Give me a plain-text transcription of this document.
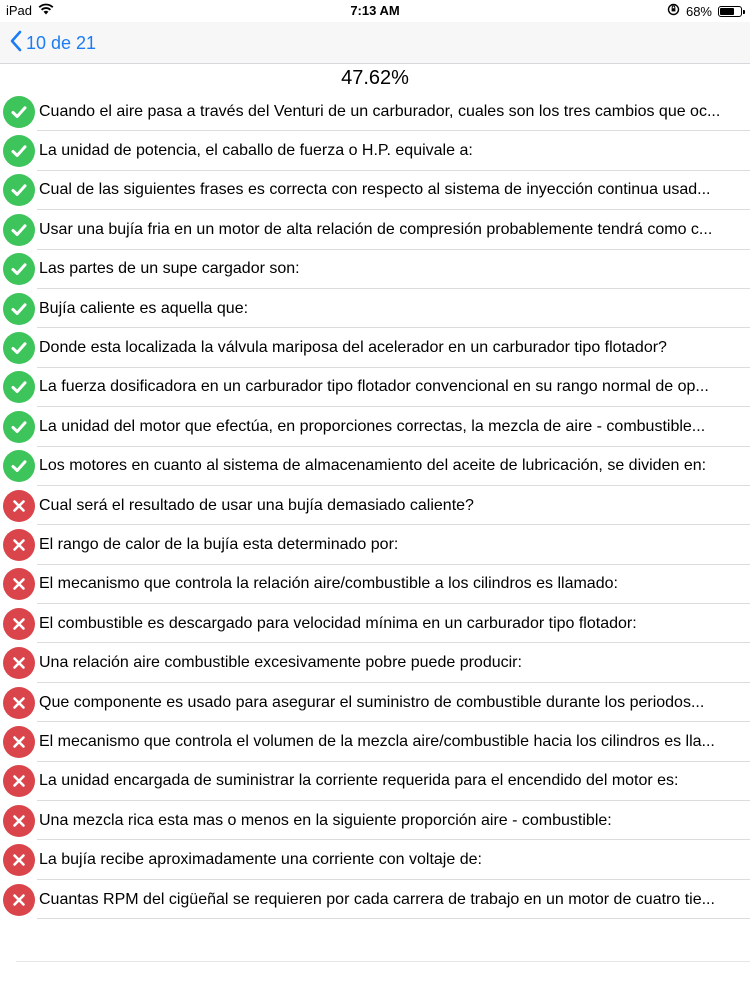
iPad	7:13 AM	68%
10 de 21
47.62%
Cuando el aire pasa a través del Venturi de un carburador, cuales son los tres cambios que oc...
La unidad de potencia, el caballo de fuerza o H.P. equivale a:
Cual de las siguientes frases es correcta con respecto al sistema de inyección continua usad...
Usar una bujía fria en un motor de alta relación de compresión probablemente tendrá como c...
Las partes de un supe cargador son:
Bujía caliente es aquella que:
Donde esta localizada la válvula mariposa del acelerador en un carburador tipo flotador?
La fuerza dosificadora en un carburador tipo flotador convencional en su rango normal de op...
La unidad del motor que efectúa, en proporciones correctas, la mezcla de aire - combustible...
Los motores en cuanto al sistema de almacenamiento del aceite de lubricación, se dividen en:
Cual será el resultado de usar una bujía demasiado caliente?
El rango de calor de la bujía esta determinado por:
El mecanismo que controla la relación aire/combustible a los cilindros es llamado:
El combustible es descargado para velocidad mínima en un carburador tipo flotador:
Una relación aire combustible excesivamente pobre puede producir:
Que componente es usado para asegurar el suministro de combustible durante los periodos...
El mecanismo que controla el volumen de la mezcla aire/combustible hacia los cilindros es lla...
La unidad encargada de suministrar la corriente requerida para el encendido del motor es:
Una mezcla rica esta mas o menos en la siguiente proporción aire - combustible:
La bujía recibe aproximadamente una corriente con voltaje de:
Cuantas RPM del cigüeñal se requieren por cada carrera de trabajo en un motor de cuatro tie...
